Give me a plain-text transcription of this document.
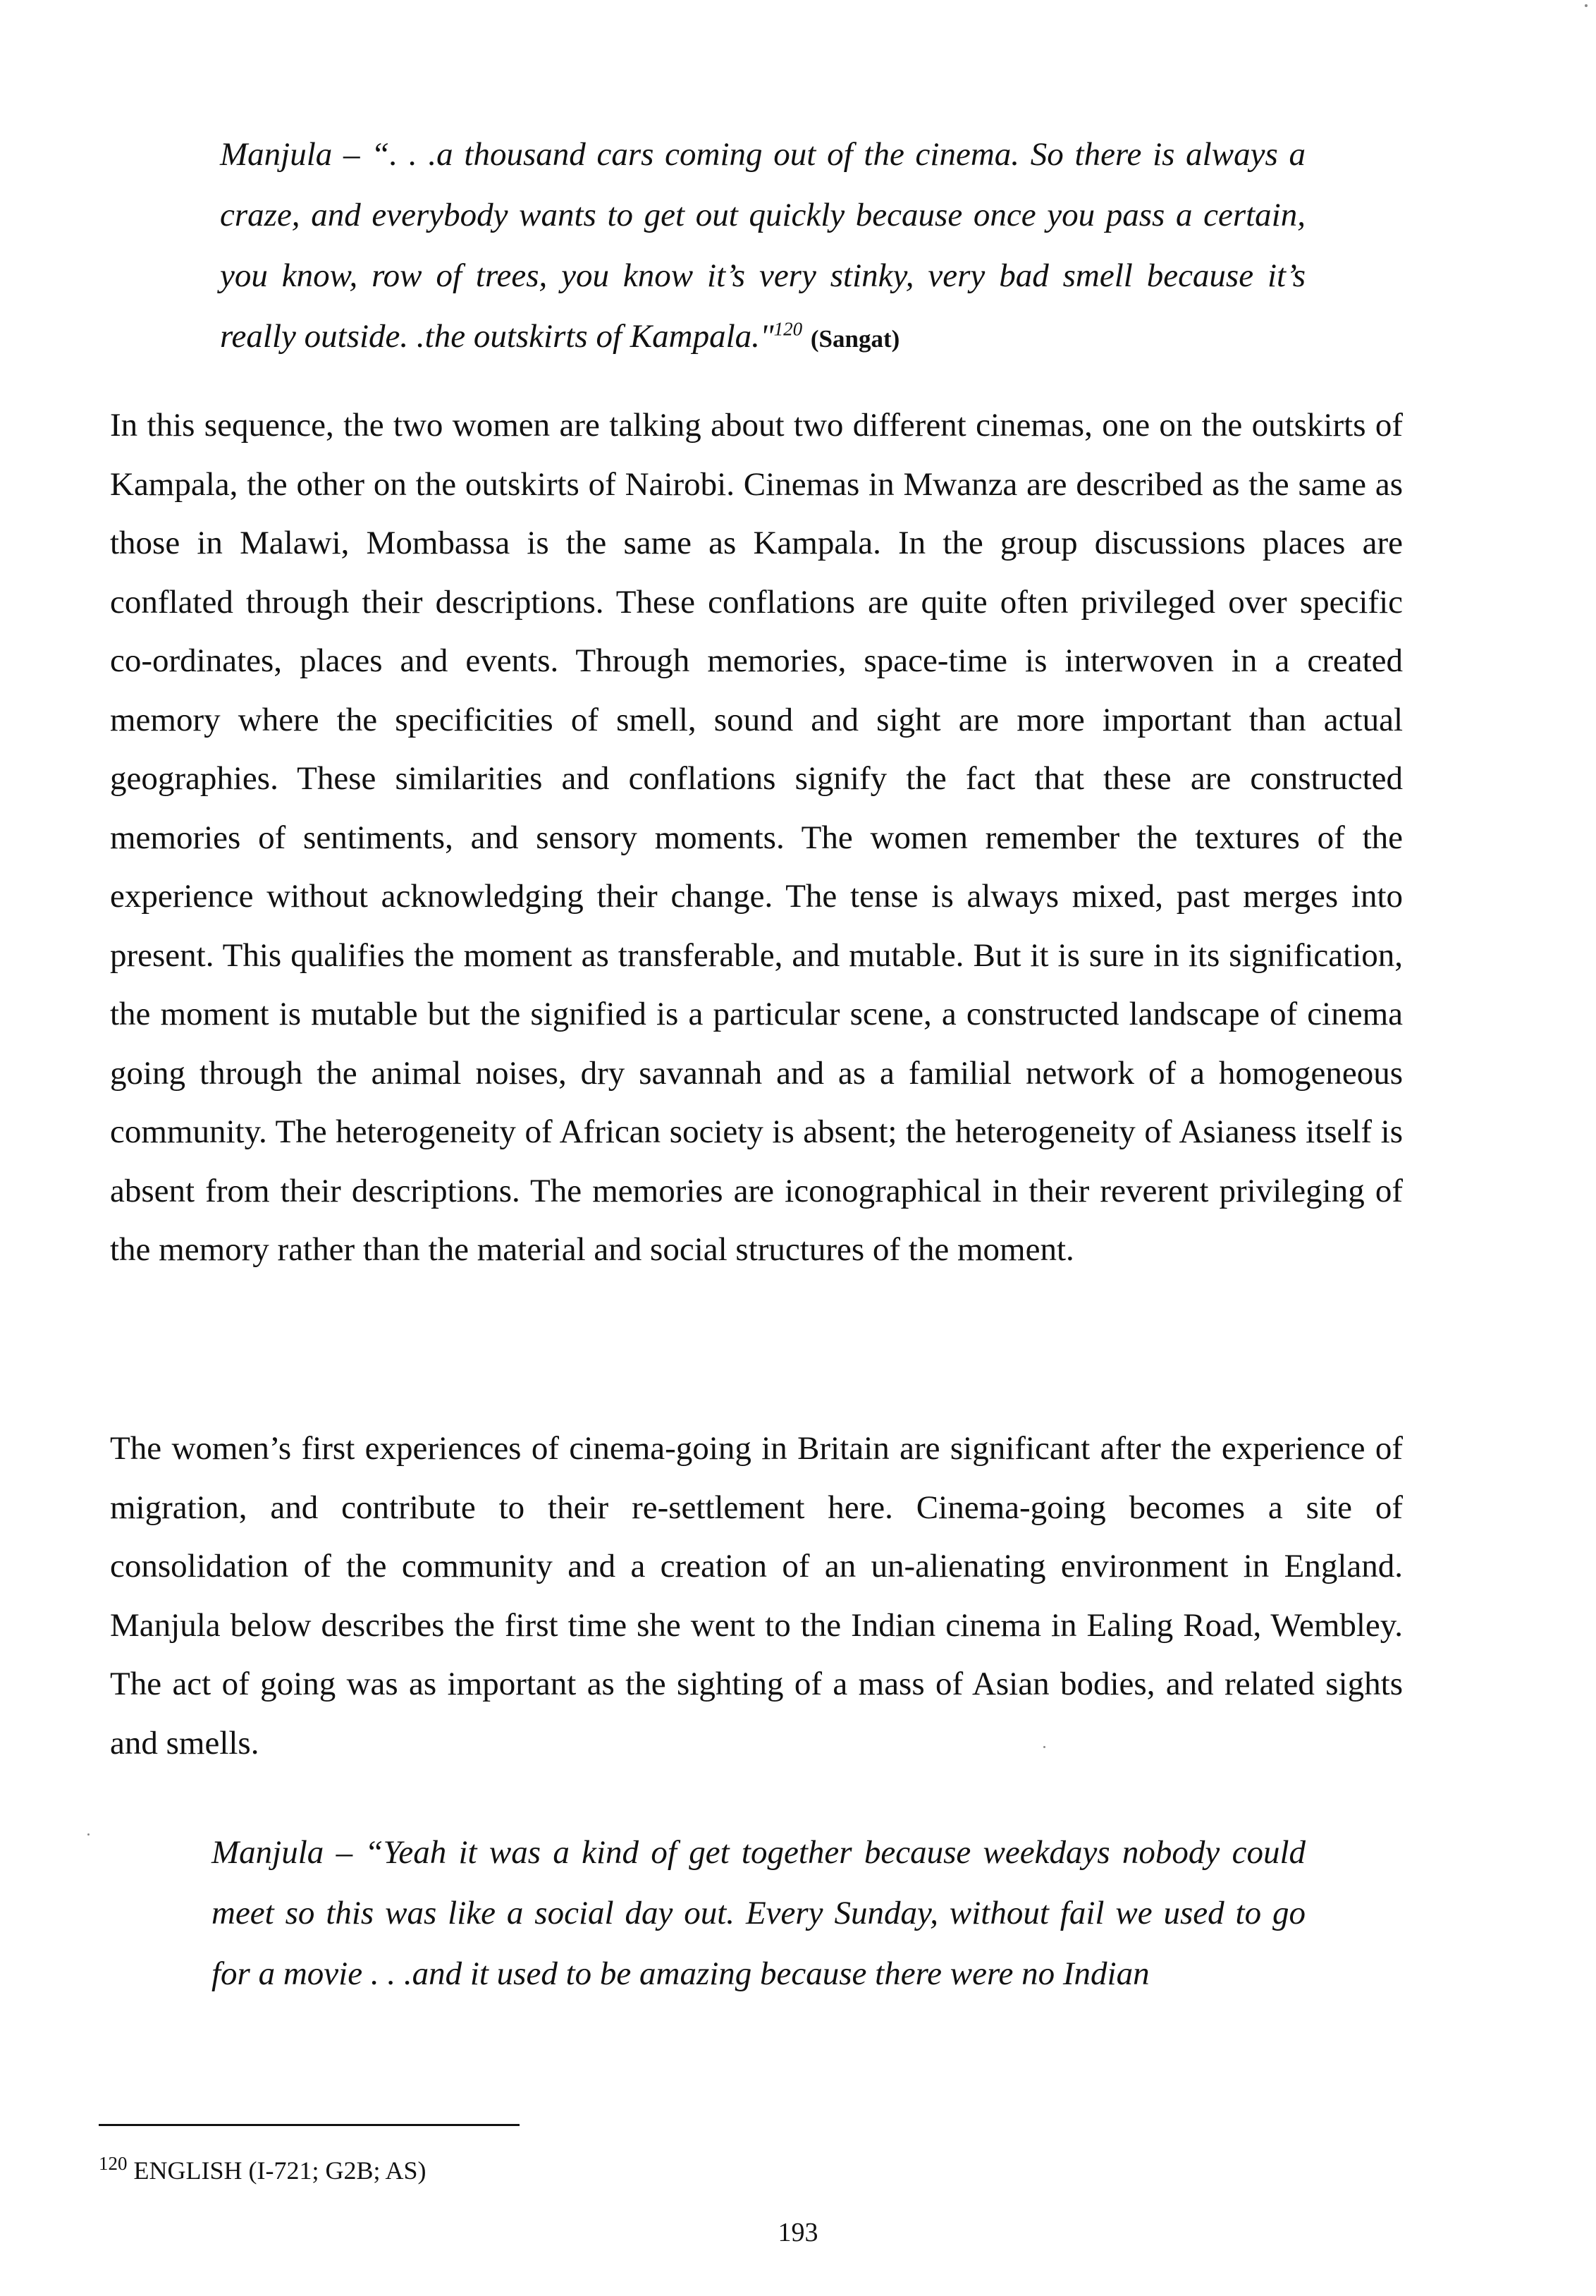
Manjula – “. . .a thousand cars coming out of the cinema. So there is always a craze, and everybody wants to get out quickly because once you pass a certain, you know, row of trees, you know it’s very stinky, very bad smell because it’s really outside. .the outskirts of Kampala."$^{120}$ (Sangat)

In this sequence, the two women are talking about two different cinemas, one on the outskirts of Kampala, the other on the outskirts of Nairobi. Cinemas in Mwanza are described as the same as those in Malawi, Mombassa is the same as Kampala. In the group discussions places are conflated through their descriptions. These conflations are quite often privileged over specific co-ordinates, places and events. Through memories, space-time is interwoven in a created memory where the specificities of smell, sound and sight are more important than actual geographies. These similarities and conflations signify the fact that these are constructed memories of sentiments, and sensory moments. The women remember the textures of the experience without acknowledging their change. The tense is always mixed, past merges into present. This qualifies the moment as transferable, and mutable. But it is sure in its signification, the moment is mutable but the signified is a particular scene, a constructed landscape of cinema going through the animal noises, dry savannah and as a familial network of a homogeneous community. The heterogeneity of African society is absent; the heterogeneity of Asianess itself is absent from their descriptions. The memories are iconographical in their reverent privileging of the memory rather than the material and social structures of the moment.

The women’s first experiences of cinema-going in Britain are significant after the experience of migration, and contribute to their re-settlement here. Cinema-going becomes a site of consolidation of the community and a creation of an un-alienating environment in England. Manjula below describes the first time she went to the Indian cinema in Ealing Road, Wembley. The act of going was as important as the sighting of a mass of Asian bodies, and related sights and smells.

Manjula – “Yeah it was a kind of get together because weekdays nobody could meet so this was like a social day out. Every Sunday, without fail we used to go for a movie . . .and it used to be amazing because there were no Indian
$^{120}$ ENGLISH (I-721; G2B; AS)
193
